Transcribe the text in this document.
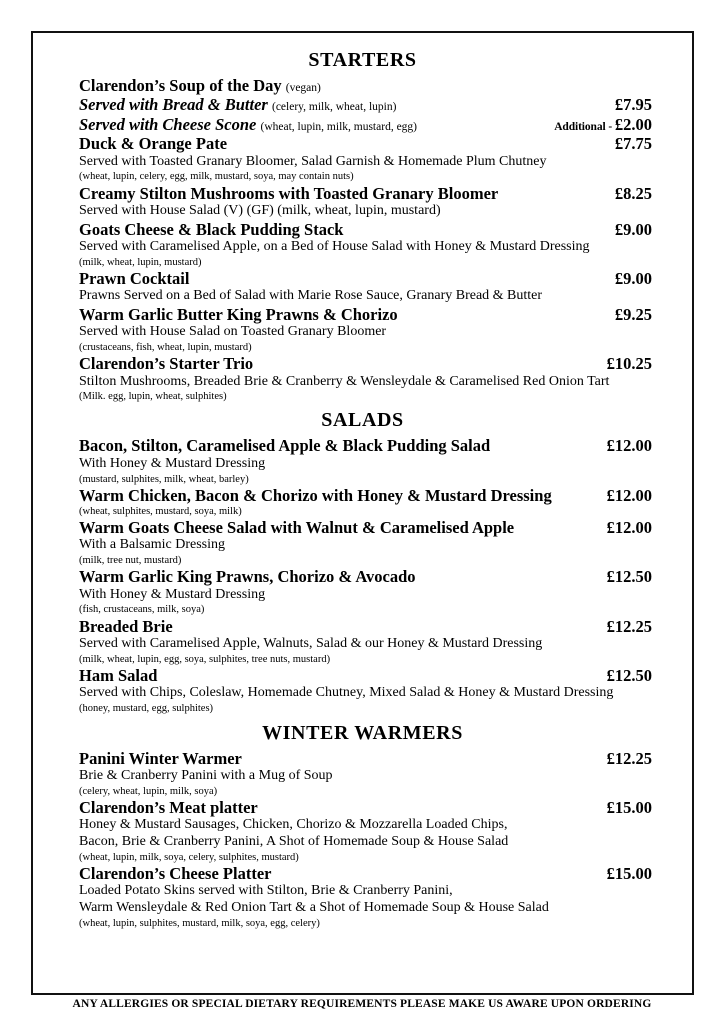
STARTERS
Clarendon’s Soup of the Day (vegan)
Served with Bread & Butter (celery, milk, wheat, lupin)	£7.95
Served with Cheese Scone (wheat, lupin, milk, mustard, egg)	Additional - £2.00
Duck & Orange Pate	£7.75
Served with Toasted Granary Bloomer, Salad Garnish & Homemade Plum Chutney
(wheat, lupin, celery, egg, milk, mustard, soya, may contain nuts)
Creamy Stilton Mushrooms with Toasted Granary Bloomer	£8.25
Served with House Salad (V) (GF) (milk, wheat, lupin, mustard)
Goats Cheese & Black Pudding Stack	£9.00
Served with Caramelised Apple, on a Bed of House Salad with Honey & Mustard Dressing
(milk, wheat, lupin, mustard)
Prawn Cocktail	£9.00
Prawns Served on a Bed of Salad with Marie Rose Sauce, Granary Bread & Butter
Warm Garlic Butter King Prawns & Chorizo	£9.25
Served with House Salad on Toasted Granary Bloomer
(crustaceans, fish, wheat, lupin, mustard)
Clarendon’s Starter Trio	£10.25
Stilton Mushrooms, Breaded Brie & Cranberry & Wensleydale & Caramelised Red Onion Tart
(Milk. egg, lupin, wheat, sulphites)
SALADS
Bacon, Stilton, Caramelised Apple & Black Pudding Salad	£12.00
With Honey & Mustard Dressing
(mustard, sulphites, milk, wheat, barley)
Warm Chicken, Bacon & Chorizo with Honey & Mustard Dressing	£12.00
(wheat, sulphites, mustard, soya, milk)
Warm Goats Cheese Salad with Walnut & Caramelised Apple	£12.00
With a Balsamic Dressing
(milk, tree nut, mustard)
Warm Garlic King Prawns, Chorizo & Avocado	£12.50
With Honey & Mustard Dressing
(fish, crustaceans, milk, soya)
Breaded Brie	£12.25
Served with Caramelised Apple, Walnuts, Salad & our Honey & Mustard Dressing
(milk, wheat, lupin, egg, soya, sulphites, tree nuts, mustard)
Ham Salad	£12.50
Served with Chips, Coleslaw, Homemade Chutney, Mixed Salad & Honey & Mustard Dressing
(honey, mustard, egg, sulphites)
WINTER WARMERS
Panini Winter Warmer	£12.25
Brie & Cranberry Panini with a Mug of Soup
(celery, wheat, lupin, milk, soya)
Clarendon’s Meat platter	£15.00
Honey & Mustard Sausages, Chicken, Chorizo & Mozzarella Loaded Chips,
Bacon, Brie & Cranberry Panini, A Shot of Homemade Soup & House Salad
(wheat, lupin, milk, soya, celery, sulphites, mustard)
Clarendon’s Cheese Platter	£15.00
Loaded Potato Skins served with Stilton, Brie & Cranberry Panini,
Warm Wensleydale & Red Onion Tart & a Shot of Homemade Soup & House Salad
(wheat, lupin, sulphites, mustard, milk, soya, egg, celery)
ANY ALLERGIES OR SPECIAL DIETARY REQUIREMENTS PLEASE MAKE US AWARE UPON ORDERING
